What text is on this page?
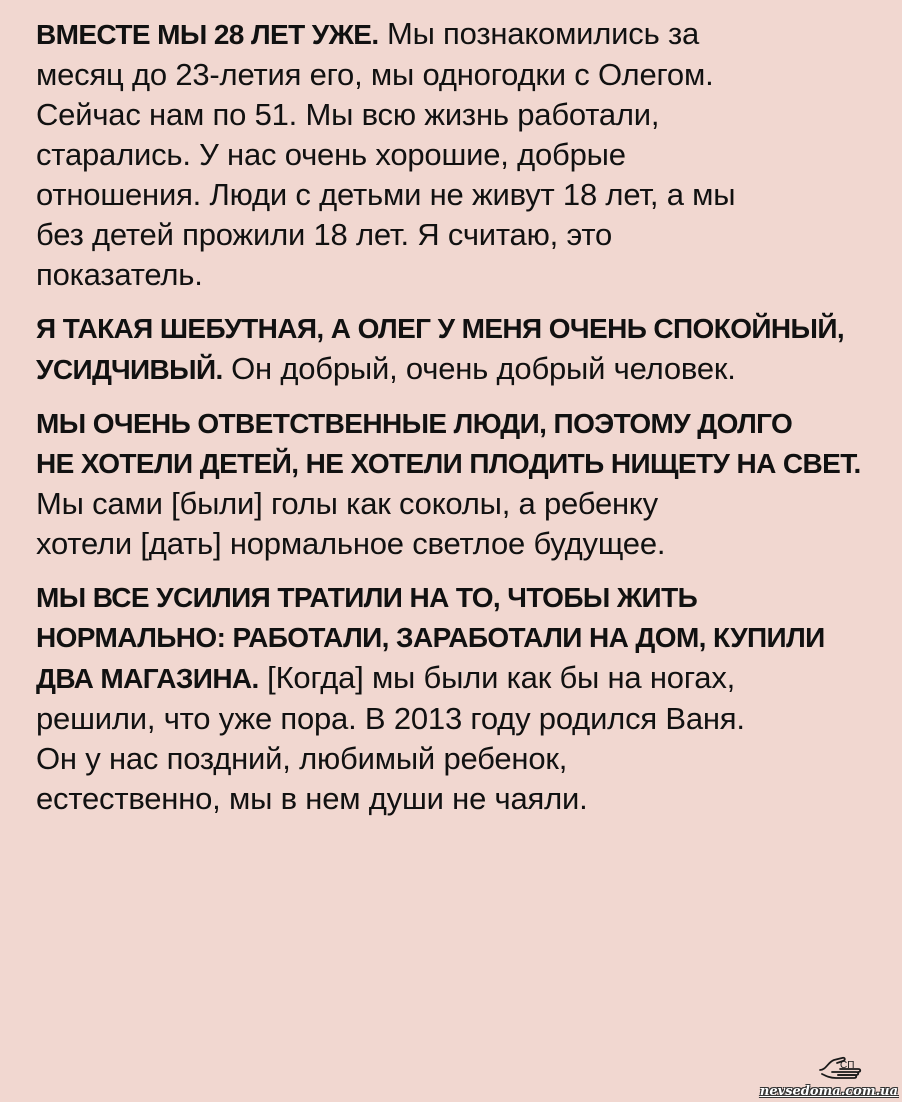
ВМЕСТЕ МЫ 28 ЛЕТ УЖЕ. Мы познакомились за
месяц до 23-летия его, мы одногодки с Олегом.
Сейчас нам по 51. Мы всю жизнь работали,
старались. У нас очень хорошие, добрые
отношения. Люди с детьми не живут 18 лет, а мы
без детей прожили 18 лет. Я считаю, это
показатель.

Я ТАКАЯ ШЕБУТНАЯ, А ОЛЕГ У МЕНЯ ОЧЕНЬ СПОКОЙНЫЙ,
УСИДЧИВЫЙ. Он добрый, очень добрый человек.

МЫ ОЧЕНЬ ОТВЕТСТВЕННЫЕ ЛЮДИ, ПОЭТОМУ ДОЛГО
НЕ ХОТЕЛИ ДЕТЕЙ, НЕ ХОТЕЛИ ПЛОДИТЬ НИЩЕТУ НА СВЕТ.
Мы сами [были] голы как соколы, а ребенку
хотели [дать] нормальное светлое будущее.

МЫ ВСЕ УСИЛИЯ ТРАТИЛИ НА ТО, ЧТОБЫ ЖИТЬ
НОРМАЛЬНО: РАБОТАЛИ, ЗАРАБОТАЛИ НА ДОМ, КУПИЛИ
ДВА МАГАЗИНА. [Когда] мы были как бы на ногах,
решили, что уже пора. В 2013 году родился Ваня.
Он у нас поздний, любимый ребенок,
естественно, мы в нем души не чаяли.

СП
nevsedoma.com.ua
